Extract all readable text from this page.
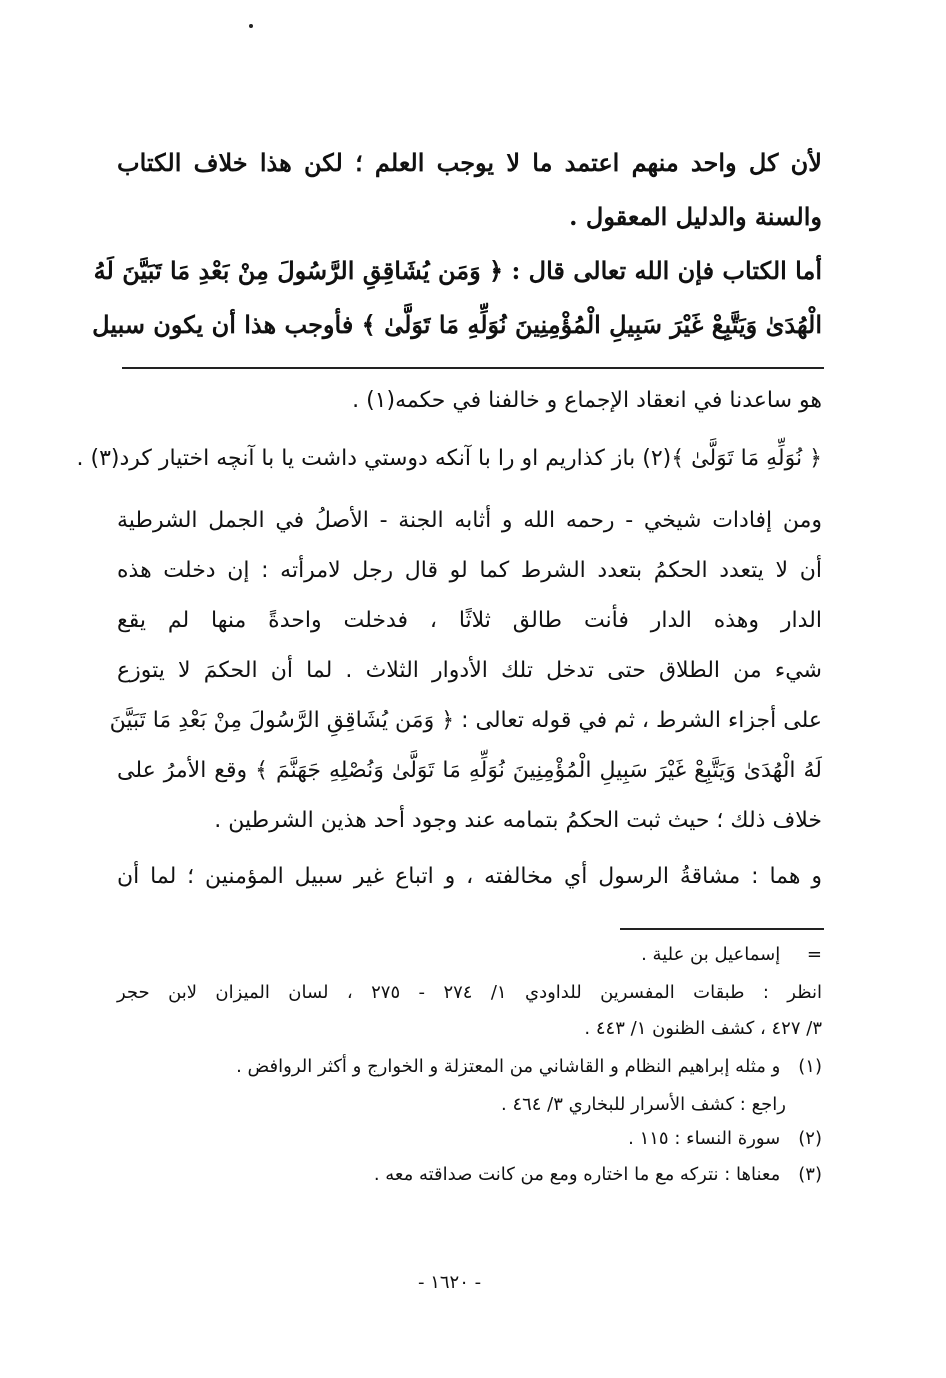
لأن كل واحد منهم اعتمد ما لا يوجب العلم ؛ لكن هذا خلاف الكتاب
والسنة والدليل المعقول .
أما الكتاب فإن الله تعالى قال : ﴿ وَمَن يُشَاقِقِ الرَّسُولَ مِنْ بَعْدِ مَا تَبَيَّنَ لَهُ
الْهُدَىٰ وَيَتَّبِعْ غَيْرَ سَبِيلِ الْمُؤْمِنِينَ نُوَلِّهِ مَا تَوَلَّىٰ ﴾ فأوجب هذا أن يكون سبيل
هو ساعدنا في انعقاد الإجماع و خالفنا في حكمه(١) .
﴿ نُوَلِّهِ مَا تَوَلَّىٰ ﴾(٢) باز كذاريم او را با آنكه دوستي داشت يا با آنچه اختيار كرد(٣) .
ومن إفادات شيخي - رحمه الله و أثابه الجنة - الأصلُ في الجمل الشرطية
أن لا يتعدد الحكمُ بتعدد الشرط كما لو قال رجل لامرأته : إن دخلت هذه
الدار وهذه الدار فأنت طالق ثلاثًا ، فدخلت واحدةً منها لم يقع
شيء من الطلاق حتى تدخل تلك الأدوار الثلاث . لما أن الحكمَ لا يتوزع
على أجزاء الشرط ، ثم في قوله تعالى : ﴿ وَمَن يُشَاقِقِ الرَّسُولَ مِنْ بَعْدِ مَا تَبَيَّنَ
لَهُ الْهُدَىٰ وَيَتَّبِعْ غَيْرَ سَبِيلِ الْمُؤْمِنِينَ نُوَلِّهِ مَا تَوَلَّىٰ وَنُصْلِهِ جَهَنَّمَ ﴾ وقع الأمرُ على
خلاف ذلك ؛ حيث ثبت الحكمُ بتمامه عند وجود أحد هذين الشرطين .
و هما : مشاقةُ الرسول أي مخالفته ، و اتباع غير سبيل المؤمنين ؛ لما أن
= إسماعيل بن علية .
انظر : طبقات المفسرين للداودي ١/ ٢٧٤ - ٢٧٥ ، لسان الميزان لابن حجر
٣/ ٤٢٧ ، كشف الظنون ١/ ٤٤٣ .
(١) و مثله إبراهيم النظام و القاشاني من المعتزلة و الخوارج و أكثر الروافض .
راجع : كشف الأسرار للبخاري ٣/ ٤٦٤ .
(٢) سورة النساء : ١١٥ .
(٣) معناها : نتركه مع ما اختاره ومع من كانت صداقته معه .
- ١٦٢٠ -
